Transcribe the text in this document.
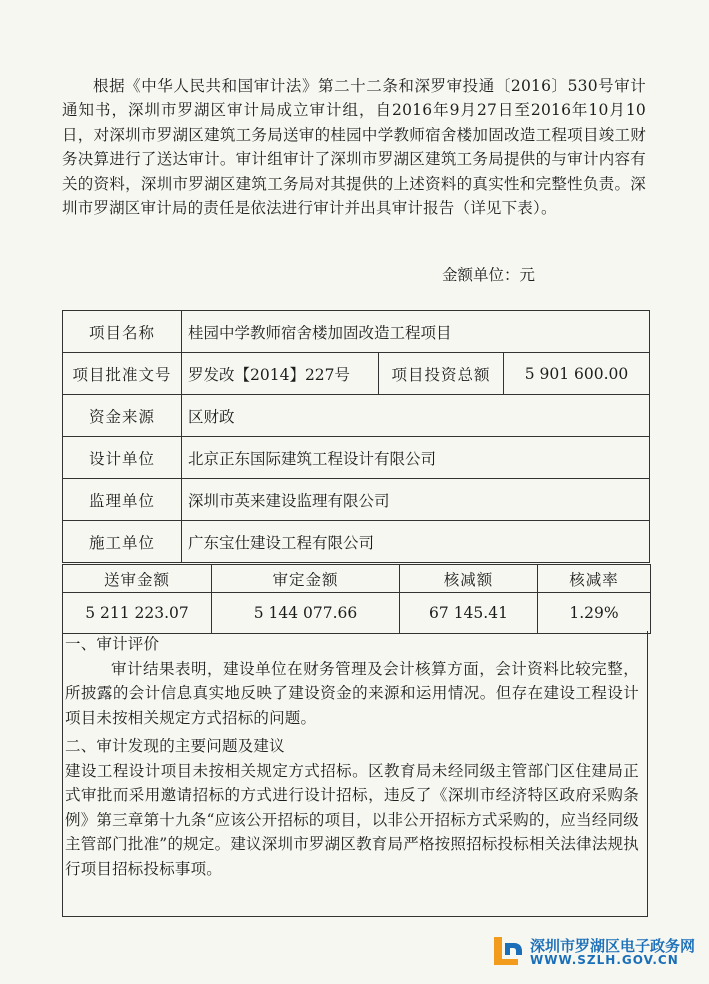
根据《中华人民共和国审计法》第二十二条和深罗审投通〔2016〕530号审计通知书，深圳市罗湖区审计局成立审计组，自2016年9月27日至2016年10月10日，对深圳市罗湖区建筑工务局送审的桂园中学教师宿舍楼加固改造工程项目竣工财务决算进行了送达审计。审计组审计了深圳市罗湖区建筑工务局提供的与审计内容有关的资料，深圳市罗湖区建筑工务局对其提供的上述资料的真实性和完整性负责。深圳市罗湖区审计局的责任是依法进行审计并出具审计报告（详见下表）。

金额单位：元
项目名称	桂园中学教师宿舍楼加固改造工程项目		
项目批准文号	罗发改【2014】227号	项目投资总额	5 901 600.00
资金来源	区财政		
设计单位	北京正东国际建筑工程设计有限公司		
监理单位	深圳市英来建设监理有限公司		
施工单位	广东宝仕建设工程有限公司		
送审金额	审定金额	核减额	核减率
5 211 223.07	5 144 077.66	67 145.41	1.29%

一、审计评价

审计结果表明，建设单位在财务管理及会计核算方面，会计资料比较完整，所披露的会计信息真实地反映了建设资金的来源和运用情况。但存在建设工程设计项目未按相关规定方式招标的问题。

二、审计发现的主要问题及建议

建设工程设计项目未按相关规定方式招标。区教育局未经同级主管部门区住建局正式审批而采用邀请招标的方式进行设计招标，违反了《深圳市经济特区政府采购条例》第三章第十九条“应该公开招标的项目，以非公开招标方式采购的，应当经同级主管部门批准”的规定。建议深圳市罗湖区教育局严格按照招标投标相关法律法规执行项目招标投标事项。

深圳市罗湖区电子政务网
WWW.SZLH.GOV.CN
